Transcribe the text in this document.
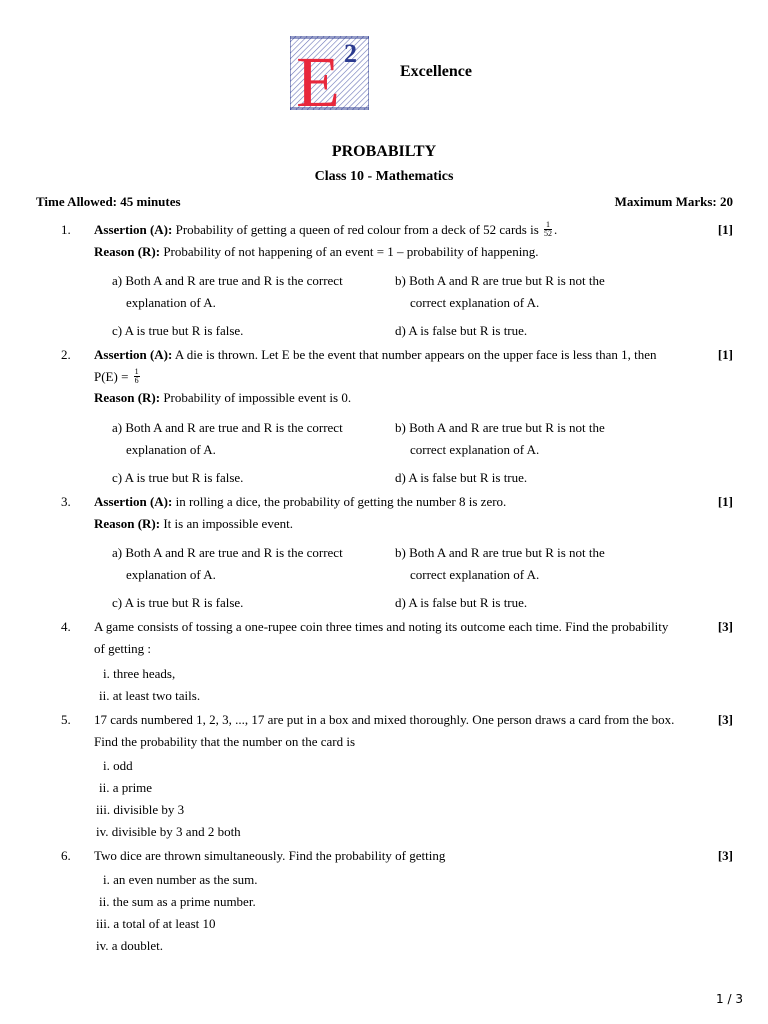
E 2
Excellence
PROBABILTY
Class 10 - Mathematics
Time Allowed: 45 minutes	Maximum Marks: 20
1.	[1]
Assertion (A): Probability of getting a queen of red colour from a deck of 52 cards is $\frac{1}{52}$ .
Reason (R): Probability of not happening of an event = 1 – probability of happening.
a) Both A and R are true and R is the correct	b) Both A and R are true but R is not the
explanation of A.	correct explanation of A.
c) A is true but R is false.	d) A is false but R is true.
2.	[1]
Assertion (A): A die is thrown. Let E be the event that number appears on the upper face is less than 1, then
$P(E) = \frac{1}{6}$
Reason (R): Probability of impossible event is 0.
a) Both A and R are true and R is the correct	b) Both A and R are true but R is not the
explanation of A.	correct explanation of A.
c) A is true but R is false.	d) A is false but R is true.
3.	[1]
Assertion (A): in rolling a dice, the probability of getting the number 8 is zero.
Reason (R): It is an impossible event.
a) Both A and R are true and R is the correct	b) Both A and R are true but R is not the
explanation of A.	correct explanation of A.
c) A is true but R is false.	d) A is false but R is true.
4.	[3]
A game consists of tossing a one-rupee coin three times and noting its outcome each time. Find the probability
of getting :
i. three heads,
ii. at least two tails.
5.	[3]
17 cards numbered 1, 2, 3, ..., 17 are put in a box and mixed thoroughly. One person draws a card from the box.
Find the probability that the number on the card is
i. odd
ii. a prime
iii. divisible by 3
iv. divisible by 3 and 2 both
6.	[3]
Two dice are thrown simultaneously. Find the probability of getting
i. an even number as the sum.
ii. the sum as a prime number.
iii. a total of at least 10
iv. a doublet.
1 / 3
